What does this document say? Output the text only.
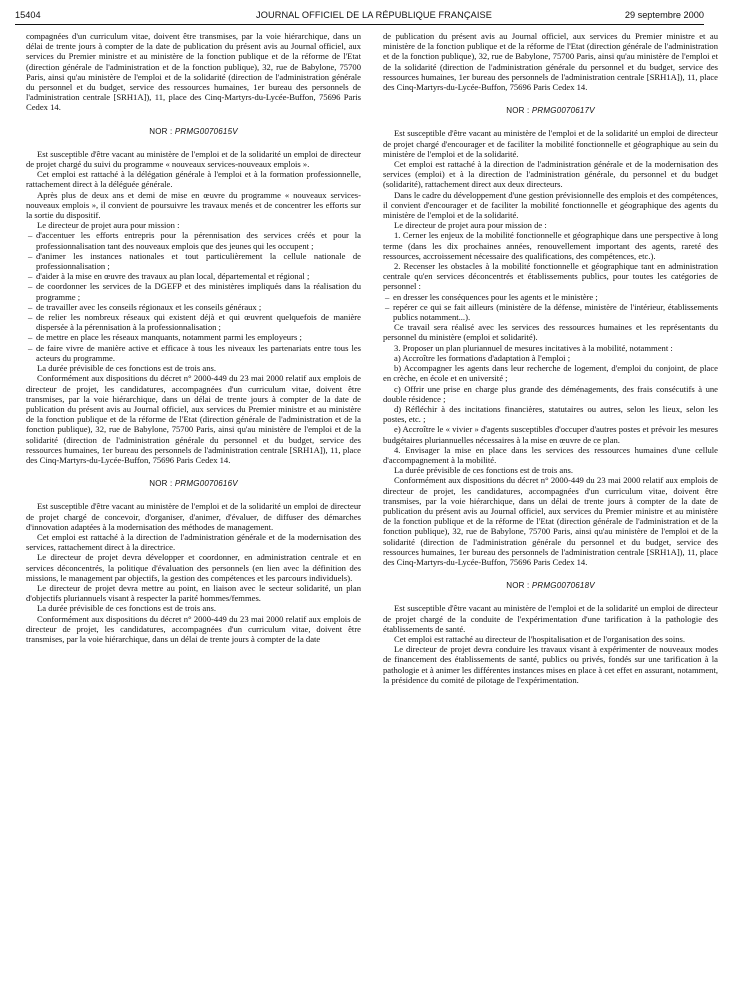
15404	JOURNAL OFFICIEL DE LA RÉPUBLIQUE FRANÇAISE	29 septembre 2000

compagnées d'un curriculum vitae, doivent être transmises, par la voie hiérarchique, dans un délai de trente jours à compter de la date de publication du présent avis au Journal officiel, aux services du Premier ministre et au ministère de la fonction publique et de la réforme de l'Etat (direction générale de l'administration et de la fonction publique), 32, rue de Babylone, 75700 Paris, ainsi qu'au ministère de l'emploi et de la solidarité (direction de l'administration générale du personnel et du budget, service des ressources humaines, 1er bureau des personnels de l'administration centrale [SRH1A]), 11, place des Cinq-Martyrs-du-Lycée-Buffon, 75696 Paris Cedex 14.

NOR : PRMG0070615V

Est susceptible d'être vacant au ministère de l'emploi et de la solidarité un emploi de directeur de projet chargé du suivi du programme « nouveaux services-nouveaux emplois ».

Cet emploi est rattaché à la délégation générale à l'emploi et à la formation professionnelle, rattachement direct à la déléguée générale.

Après plus de deux ans et demi de mise en œuvre du programme « nouveaux services-nouveaux emplois », il convient de poursuivre les travaux menés et de concentrer les efforts sur la sortie du dispositif.

Le directeur de projet aura pour mission :

– d'accentuer les efforts entrepris pour la pérennisation des services créés et pour la professionnalisation tant des nouveaux emplois que des jeunes qui les occupent ;
– d'animer les instances nationales et tout particulièrement la cellule nationale de professionnalisation ;
– d'aider à la mise en œuvre des travaux au plan local, départemental et régional ;
– de coordonner les services de la DGEFP et des ministères impliqués dans la réalisation du programme ;
– de travailler avec les conseils régionaux et les conseils généraux ;
– de relier les nombreux réseaux qui existent déjà et qui œuvrent quelquefois de manière dispersée à la pérennisation à la professionnalisation ;
– de mettre en place les réseaux manquants, notamment parmi les employeurs ;
– de faire vivre de manière active et efficace à tous les niveaux les partenariats entre tous les acteurs du programme.

La durée prévisible de ces fonctions est de trois ans.

Conformément aux dispositions du décret n° 2000-449 du 23 mai 2000 relatif aux emplois de directeur de projet, les candidatures, accompagnées d'un curriculum vitae, doivent être transmises, par la voie hiérarchique, dans un délai de trente jours à compter de la date de publication du présent avis au Journal officiel, aux services du Premier ministre et au ministère de la fonction publique et de la réforme de l'Etat (direction générale de l'administration et de la fonction publique), 32, rue de Babylone, 75700 Paris, ainsi qu'au ministère de l'emploi et de la solidarité (direction de l'administration générale du personnel et du budget, service des ressources humaines, 1er bureau des personnels de l'administration centrale [SRH1A]), 11, place des Cinq-Martyrs-du-Lycée-Buffon, 75696 Paris Cedex 14.

NOR : PRMG0070616V

Est susceptible d'être vacant au ministère de l'emploi et de la solidarité un emploi de directeur de projet chargé de concevoir, d'organiser, d'animer, d'évaluer, de diffuser des démarches d'innovation adaptées à la modernisation des méthodes de management.

Cet emploi est rattaché à la direction de l'administration générale et de la modernisation des services, rattachement direct à la directrice.

Le directeur de projet devra développer et coordonner, en administration centrale et en services déconcentrés, la politique d'évaluation des personnels (en lien avec la définition des missions, le management par objectifs, la gestion des compétences et les parcours individuels).

Le directeur de projet devra mettre au point, en liaison avec le secteur solidarité, un plan d'objectifs pluriannuels visant à respecter la parité hommes/femmes.

La durée prévisible de ces fonctions est de trois ans.

Conformément aux dispositions du décret n° 2000-449 du 23 mai 2000 relatif aux emplois de directeur de projet, les candidatures, accompagnées d'un curriculum vitae, doivent être transmises, par la voie hiérarchique, dans un délai de trente jours à compter de la date

de publication du présent avis au Journal officiel, aux services du Premier ministre et au ministère de la fonction publique et de la réforme de l'Etat (direction générale de l'administration et de la fonction publique), 32, rue de Babylone, 75700 Paris, ainsi qu'au ministère de l'emploi et de la solidarité (direction de l'administration générale du personnel et du budget, service des ressources humaines, 1er bureau des personnels de l'administration centrale [SRH1A]), 11, place des Cinq-Martyrs-du-Lycée-Buffon, 75696 Paris Cedex 14.

NOR : PRMG0070617V

Est susceptible d'être vacant au ministère de l'emploi et de la solidarité un emploi de directeur de projet chargé d'encourager et de faciliter la mobilité fonctionnelle et géographique au sein du ministère de l'emploi et de la solidarité.

Cet emploi est rattaché à la direction de l'administration générale et de la modernisation des services (emploi) et à la direction de l'administration générale, du personnel et du budget (solidarité), rattachement direct aux deux directeurs.

Dans le cadre du développement d'une gestion prévisionnelle des emplois et des compétences, il convient d'encourager et de faciliter la mobilité fonctionnelle et géographique des agents du ministère de l'emploi et de la solidarité.

Le directeur de projet aura pour mission de :

1. Cerner les enjeux de la mobilité fonctionnelle et géographique dans une perspective à long terme (dans les dix prochaines années, renouvellement important des agents, rareté des ressources, accroissement nécessaire des qualifications, des compétences, etc.).

2. Recenser les obstacles à la mobilité fonctionnelle et géographique tant en administration centrale qu'en services déconcentrés et établissements publics, pour toutes les catégories de personnel :

– en dresser les conséquences pour les agents et le ministère ;
– repérer ce qui se fait ailleurs (ministère de la défense, ministère de l'intérieur, établissements publics notamment...).

Ce travail sera réalisé avec les services des ressources humaines et les représentants du personnel du ministère (emploi et solidarité).

3. Proposer un plan pluriannuel de mesures incitatives à la mobilité, notamment :

a) Accroître les formations d'adaptation à l'emploi ;

b) Accompagner les agents dans leur recherche de logement, d'emploi du conjoint, de place en crèche, en école et en université ;

c) Offrir une prise en charge plus grande des déménagements, des frais consécutifs à une double résidence ;

d) Réfléchir à des incitations financières, statutaires ou autres, selon les lieux, selon les postes, etc. ;

e) Accroître le « vivier » d'agents susceptibles d'occuper d'autres postes et prévoir les mesures budgétaires pluriannuelles nécessaires à la mise en œuvre de ce plan.

4. Envisager la mise en place dans les services des ressources humaines d'une cellule d'accompagnement à la mobilité.

La durée prévisible de ces fonctions est de trois ans.

Conformément aux dispositions du décret n° 2000-449 du 23 mai 2000 relatif aux emplois de directeur de projet, les candidatures, accompagnées d'un curriculum vitae, doivent être transmises, par la voie hiérarchique, dans un délai de trente jours à compter de la date de publication du présent avis au Journal officiel, aux services du Premier ministre et au ministère de la fonction publique et de la réforme de l'Etat (direction générale de l'administration et de la fonction publique), 32, rue de Babylone, 75700 Paris, ainsi qu'au ministère de l'emploi et de la solidarité (direction de l'administration générale du personnel et du budget, service des ressources humaines, 1er bureau des personnels de l'administration centrale [SRH1A]), 11, place des Cinq-Martyrs-du-Lycée-Buffon, 75696 Paris Cedex 14.

NOR : PRMG0070618V

Est susceptible d'être vacant au ministère de l'emploi et de la solidarité un emploi de directeur de projet chargé de la conduite de l'expérimentation d'une tarification à la pathologie des établissements de santé.

Cet emploi est rattaché au directeur de l'hospitalisation et de l'organisation des soins.

Le directeur de projet devra conduire les travaux visant à expérimenter de nouveaux modes de financement des établissements de santé, publics ou privés, fondés sur une tarification à la pathologie et à animer les différentes instances mises en place à cet effet en assurant, notamment, la présidence du comité de pilotage de l'expérimentation.
